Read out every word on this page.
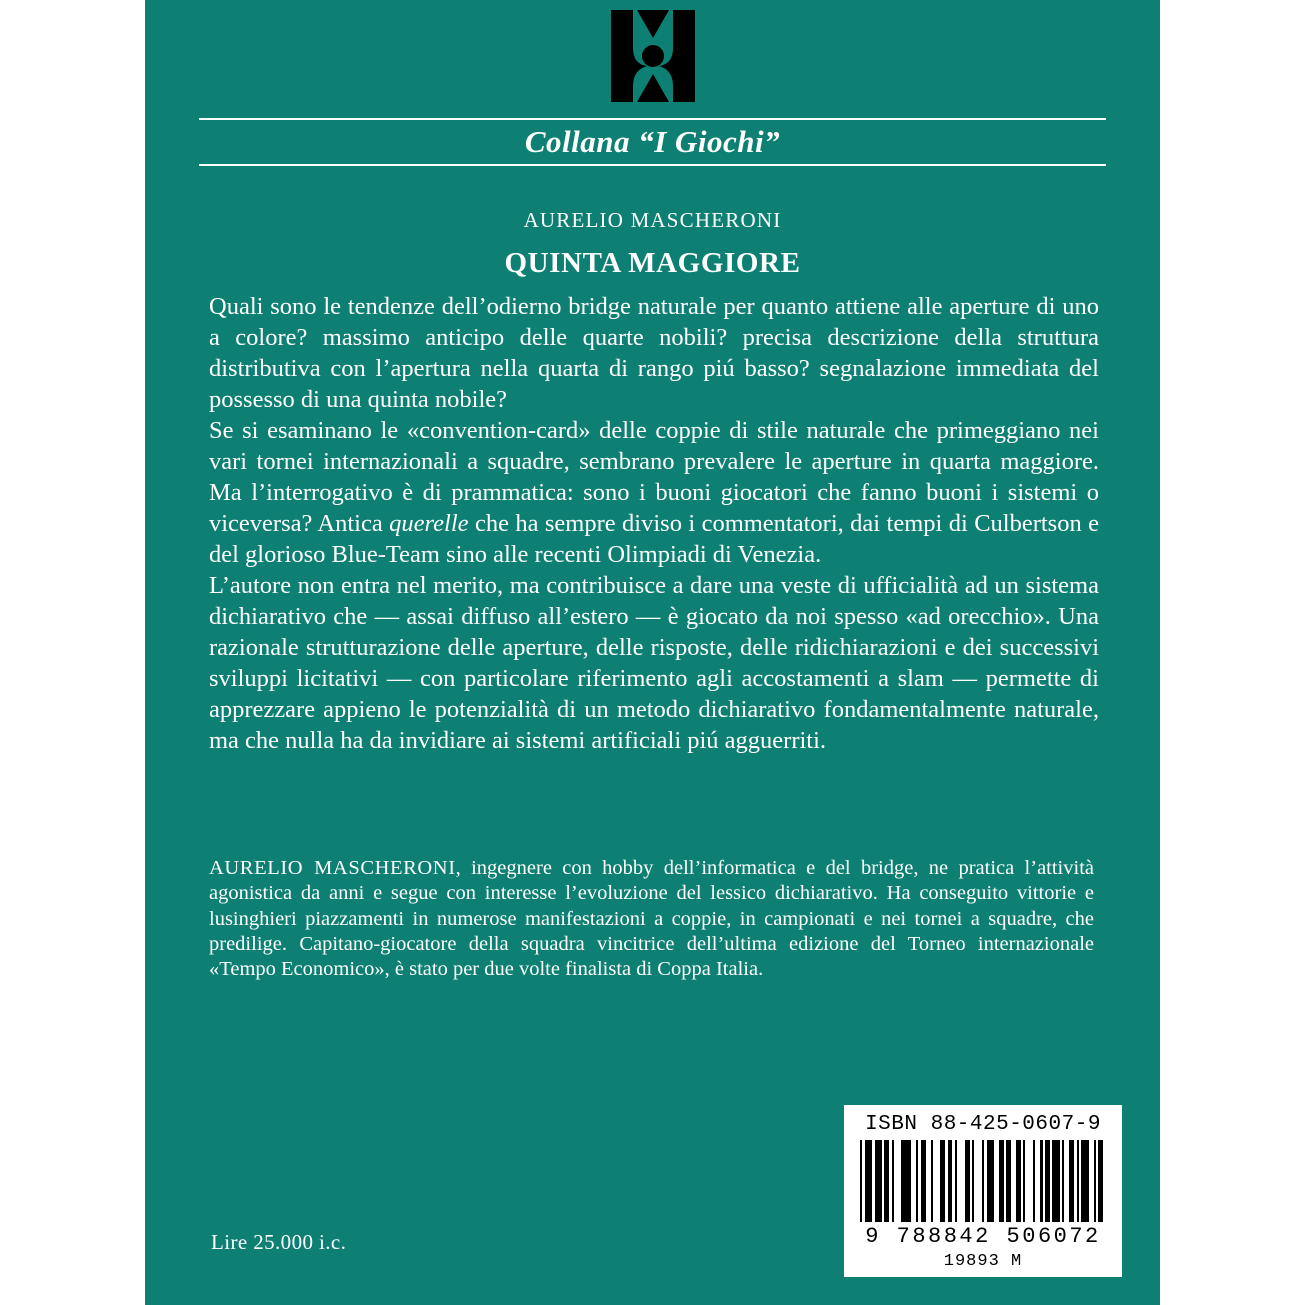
Collana “I Giochi”
AURELIO MASCHERONI
QUINTA MAGGIORE

Quali sono le tendenze dell’odierno bridge naturale per quanto attiene alle aperture di uno a colore? massimo anticipo delle quarte nobili? precisa descrizione della struttura distributiva con l’apertura nella quarta di rango piú basso? segnalazione immediata del possesso di una quinta nobile?

Se si esaminano le «convention-card» delle coppie di stile naturale che primeggiano nei vari tornei internazionali a squadre, sembrano prevalere le aperture in quarta maggiore. Ma l’interrogativo è di prammatica: sono i buoni giocatori che fanno buoni i sistemi o viceversa? Antica querelle che ha sempre diviso i commentatori, dai tempi di Culbertson e del glorioso Blue-Team sino alle recenti Olimpiadi di Venezia.

L’autore non entra nel merito, ma contribuisce a dare una veste di ufficialità ad un sistema dichiarativo che — assai diffuso all’estero — è giocato da noi spesso «ad orecchio». Una razionale strutturazione delle aperture, delle risposte, delle ridichiarazioni e dei successivi sviluppi licitativi — con particolare riferimento agli accostamenti a slam — permette di apprezzare appieno le potenzialità di un metodo dichiarativo fondamentalmente naturale, ma che nulla ha da invidiare ai sistemi artificiali piú agguerriti.

AURELIO MASCHERONI, ingegnere con hobby dell’informatica e del bridge, ne pratica l’attività agonistica da anni e segue con interesse l’evoluzione del lessico dichiarativo. Ha conseguito vittorie e lusinghieri piazzamenti in numerose manifestazioni a coppie, in campionati e nei tornei a squadre, che predilige. Capitano-giocatore della squadra vincitrice dell’ultima edizione del Torneo internazionale «Tempo Economico», è stato per due volte finalista di Coppa Italia.
Lire 25.000 i.c.
ISBN 88-425-0607-9
9 788842 506072
19893 M
